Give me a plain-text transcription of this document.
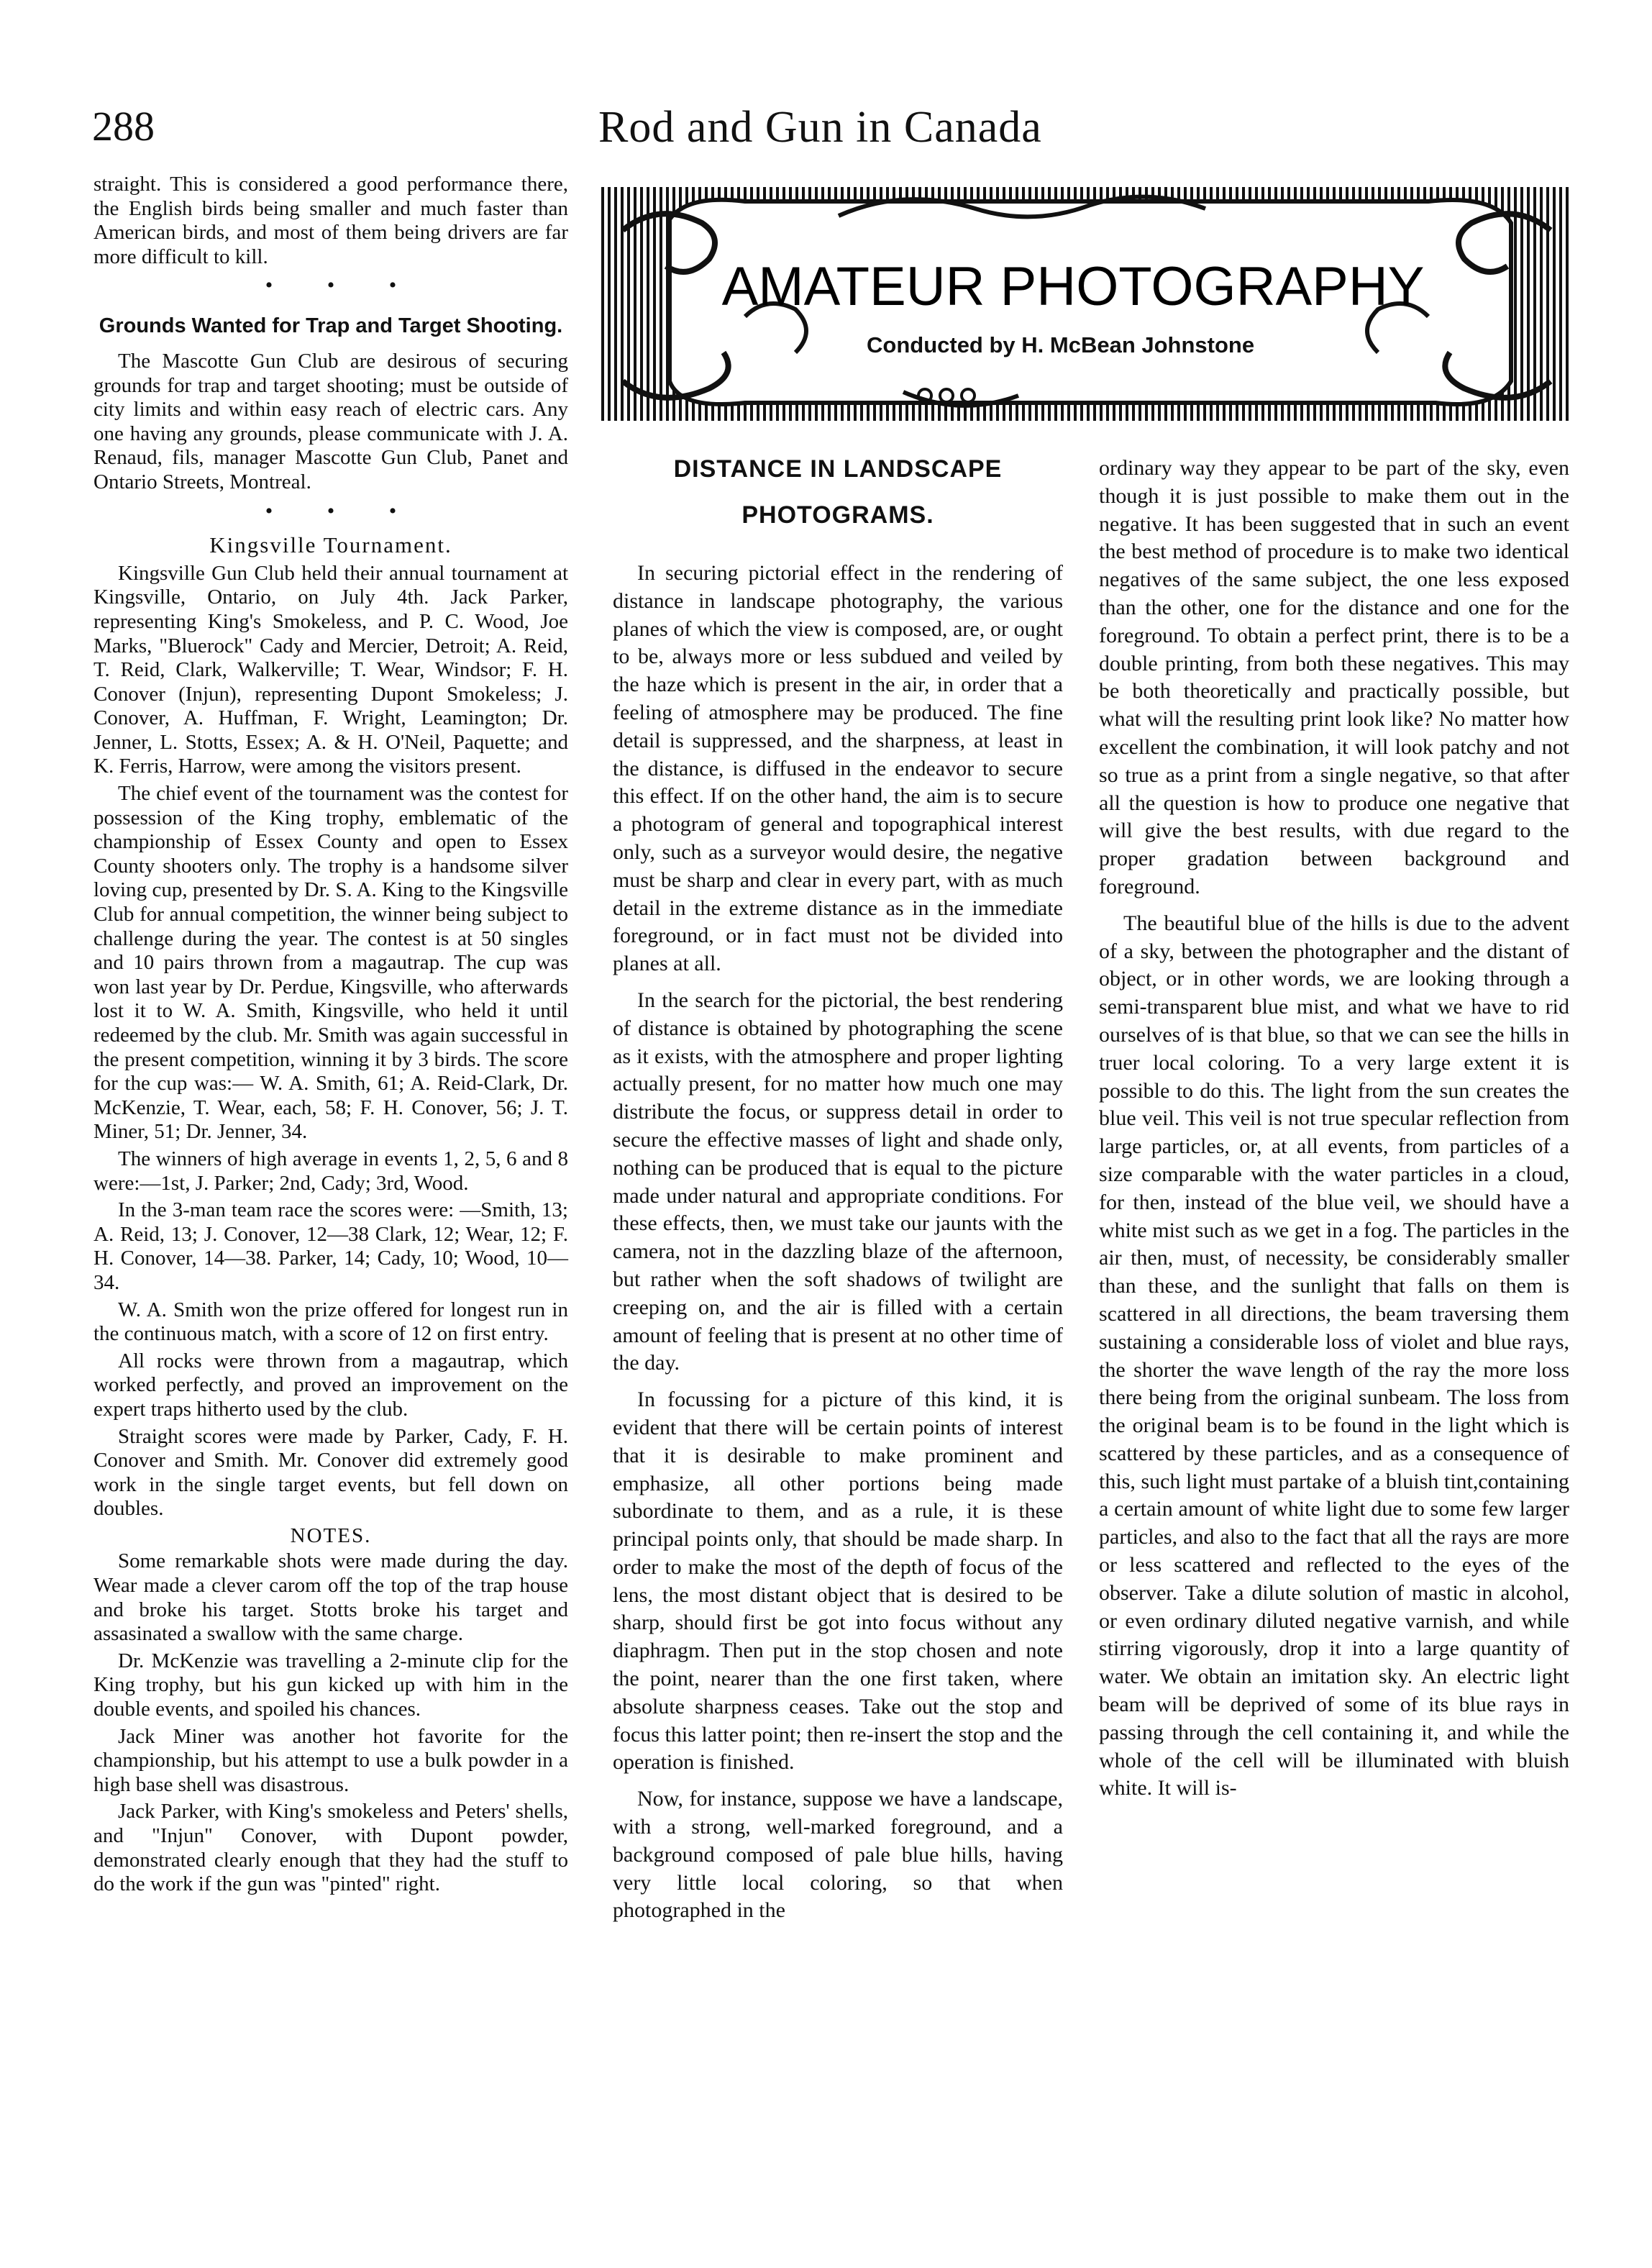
288	Rod and Gun in Canada

straight. This is considered a good performance there, the English birds being smaller and much faster than American birds, and most of them being drivers are far more difficult to kill.

• • •
Grounds Wanted for Trap and Target Shooting.

The Mascotte Gun Club are desirous of securing grounds for trap and target shooting; must be outside of city limits and within easy reach of electric cars. Any one having any grounds, please communicate with J. A. Renaud, fils, manager Mascotte Gun Club, Panet and Ontario Streets, Montreal.

• • •
Kingsville Tournament.

Kingsville Gun Club held their annual tournament at Kingsville, Ontario, on July 4th. Jack Parker, representing King's Smokeless, and P. C. Wood, Joe Marks, "Bluerock" Cady and Mercier, Detroit; A. Reid, T. Reid, Clark, Walkerville; T. Wear, Windsor; F. H. Conover (Injun), representing Dupont Smokeless; J. Conover, A. Huffman, F. Wright, Leamington; Dr. Jenner, L. Stotts, Essex; A. & H. O'Neil, Paquette; and K. Ferris, Harrow, were among the visitors present.

The chief event of the tournament was the contest for possession of the King trophy, emblematic of the championship of Essex County and open to Essex County shooters only. The trophy is a handsome silver loving cup, presented by Dr. S. A. King to the Kingsville Club for annual competition, the winner being subject to challenge during the year. The contest is at 50 singles and 10 pairs thrown from a magautrap. The cup was won last year by Dr. Perdue, Kingsville, who afterwards lost it to W. A. Smith, Kingsville, who held it until redeemed by the club. Mr. Smith was again successful in the present competition, winning it by 3 birds. The score for the cup was:— W. A. Smith, 61; A. Reid-Clark, Dr. McKenzie, T. Wear, each, 58; F. H. Conover, 56; J. T. Miner, 51; Dr. Jenner, 34.

The winners of high average in events 1, 2, 5, 6 and 8 were:—1st, J. Parker; 2nd, Cady; 3rd, Wood.

In the 3-man team race the scores were: —Smith, 13; A. Reid, 13; J. Conover, 12—38 Clark, 12; Wear, 12; F. H. Conover, 14—38. Parker, 14; Cady, 10; Wood, 10—34.

W. A. Smith won the prize offered for longest run in the continuous match, with a score of 12 on first entry.

All rocks were thrown from a magautrap, which worked perfectly, and proved an improvement on the expert traps hitherto used by the club.

Straight scores were made by Parker, Cady, F. H. Conover and Smith. Mr. Conover did extremely good work in the single target events, but fell down on doubles.

NOTES.

Some remarkable shots were made during the day. Wear made a clever carom off the top of the trap house and broke his target. Stotts broke his target and assasinated a swallow with the same charge.

Dr. McKenzie was travelling a 2-minute clip for the King trophy, but his gun kicked up with him in the double events, and spoiled his chances.

Jack Miner was another hot favorite for the championship, but his attempt to use a bulk powder in a high base shell was disastrous.

Jack Parker, with King's smokeless and Peters' shells, and "Injun" Conover, with Dupont powder, demonstrated clearly enough that they had the stuff to do the work if the gun was "pinted" right.

AMATEUR PHOTOGRAPHY
Conducted by H. McBean Johnstone
DISTANCE IN LANDSCAPE PHOTOGRAMS.

In securing pictorial effect in the rendering of distance in landscape photography, the various planes of which the view is composed, are, or ought to be, always more or less subdued and veiled by the haze which is present in the air, in order that a feeling of atmosphere may be produced. The fine detail is suppressed, and the sharpness, at least in the distance, is diffused in the endeavor to secure this effect. If on the other hand, the aim is to secure a photogram of general and topographical interest only, such as a surveyor would desire, the negative must be sharp and clear in every part, with as much detail in the extreme distance as in the immediate foreground, or in fact must not be divided into planes at all.

In the search for the pictorial, the best rendering of distance is obtained by photographing the scene as it exists, with the atmosphere and proper lighting actually present, for no matter how much one may distribute the focus, or suppress detail in order to secure the effective masses of light and shade only, nothing can be produced that is equal to the picture made under natural and appropriate conditions. For these effects, then, we must take our jaunts with the camera, not in the dazzling blaze of the afternoon, but rather when the soft shadows of twilight are creeping on, and the air is filled with a certain amount of feeling that is present at no other time of the day.

In focussing for a picture of this kind, it is evident that there will be certain points of interest that it is desirable to make prominent and emphasize, all other portions being made subordinate to them, and as a rule, it is these principal points only, that should be made sharp. In order to make the most of the depth of focus of the lens, the most distant object that is desired to be sharp, should first be got into focus without any diaphragm. Then put in the stop chosen and note the point, nearer than the one first taken, where absolute sharpness ceases. Take out the stop and focus this latter point; then re-insert the stop and the operation is finished.

Now, for instance, suppose we have a landscape, with a strong, well-marked foreground, and a background composed of pale blue hills, having very little local coloring, so that when photographed in the

ordinary way they appear to be part of the sky, even though it is just possible to make them out in the negative. It has been suggested that in such an event the best method of procedure is to make two identical negatives of the same subject, the one less exposed than the other, one for the distance and one for the foreground. To obtain a perfect print, there is to be a double printing, from both these negatives. This may be both theoretically and practically possible, but what will the resulting print look like? No matter how excellent the combination, it will look patchy and not so true as a print from a single negative, so that after all the question is how to produce one negative that will give the best results, with due regard to the proper gradation between background and foreground.

The beautiful blue of the hills is due to the advent of a sky, between the photographer and the distant of object, or in other words, we are looking through a semi-transparent blue mist, and what we have to rid ourselves of is that blue, so that we can see the hills in truer local coloring. To a very large extent it is possible to do this. The light from the sun creates the blue veil. This veil is not true specular reflection from large particles, or, at all events, from particles of a size comparable with the water particles in a cloud, for then, instead of the blue veil, we should have a white mist such as we get in a fog. The particles in the air then, must, of necessity, be considerably smaller than these, and the sunlight that falls on them is scattered in all directions, the beam traversing them sustaining a considerable loss of violet and blue rays, the shorter the wave length of the ray the more loss there being from the original sunbeam. The loss from the original beam is to be found in the light which is scattered by these particles, and as a consequence of this, such light must partake of a bluish tint,containing a certain amount of white light due to some few larger particles, and also to the fact that all the rays are more or less scattered and reflected to the eyes of the observer. Take a dilute solution of mastic in alcohol, or even ordinary diluted negative varnish, and while stirring vigorously, drop it into a large quantity of water. We obtain an imitation sky. An electric light beam will be deprived of some of its blue rays in passing through the cell containing it, and while the whole of the cell will be illuminated with bluish white. It will is-
